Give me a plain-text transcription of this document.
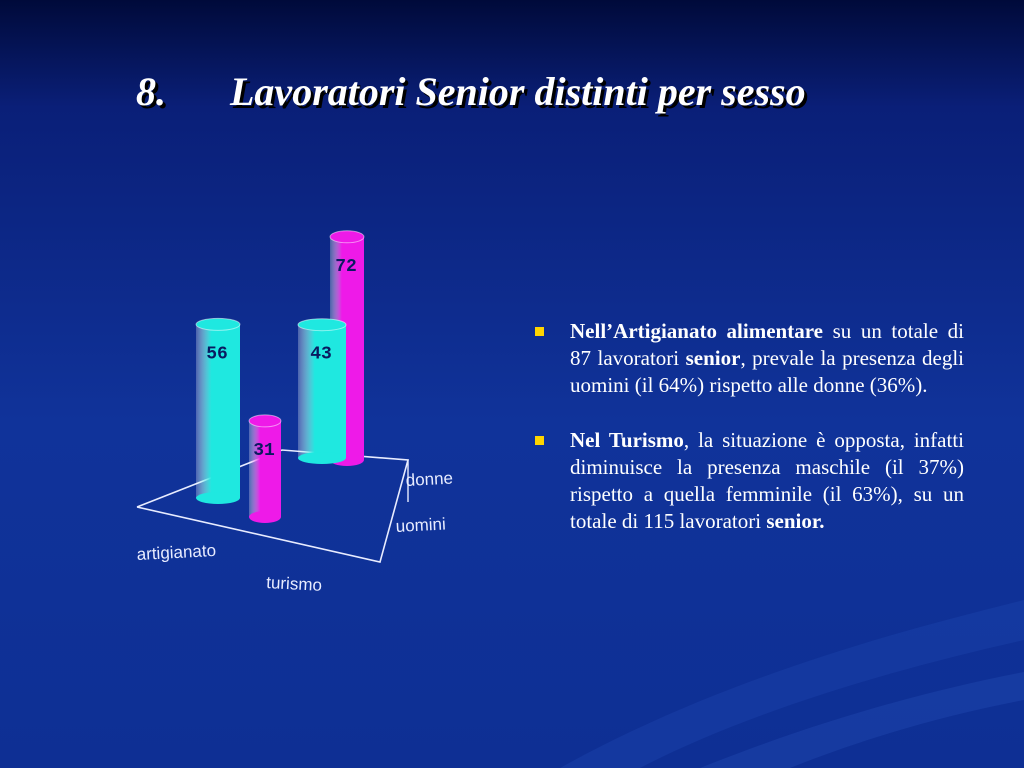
8. Lavoratori Senior distinti per sesso
31
72
56	43
artigianato
turismo
donne
uomini
Nell’Artigianato alimentare su un totale di 87 lavoratori senior, prevale la presenza degli uomini (il 64%) rispetto alle donne (36%).
Nel Turismo, la situazione è opposta, infatti diminuisce la presenza maschile (il 37%) rispetto a quella femminile (il 63%), su un totale di 115 lavoratori senior.
